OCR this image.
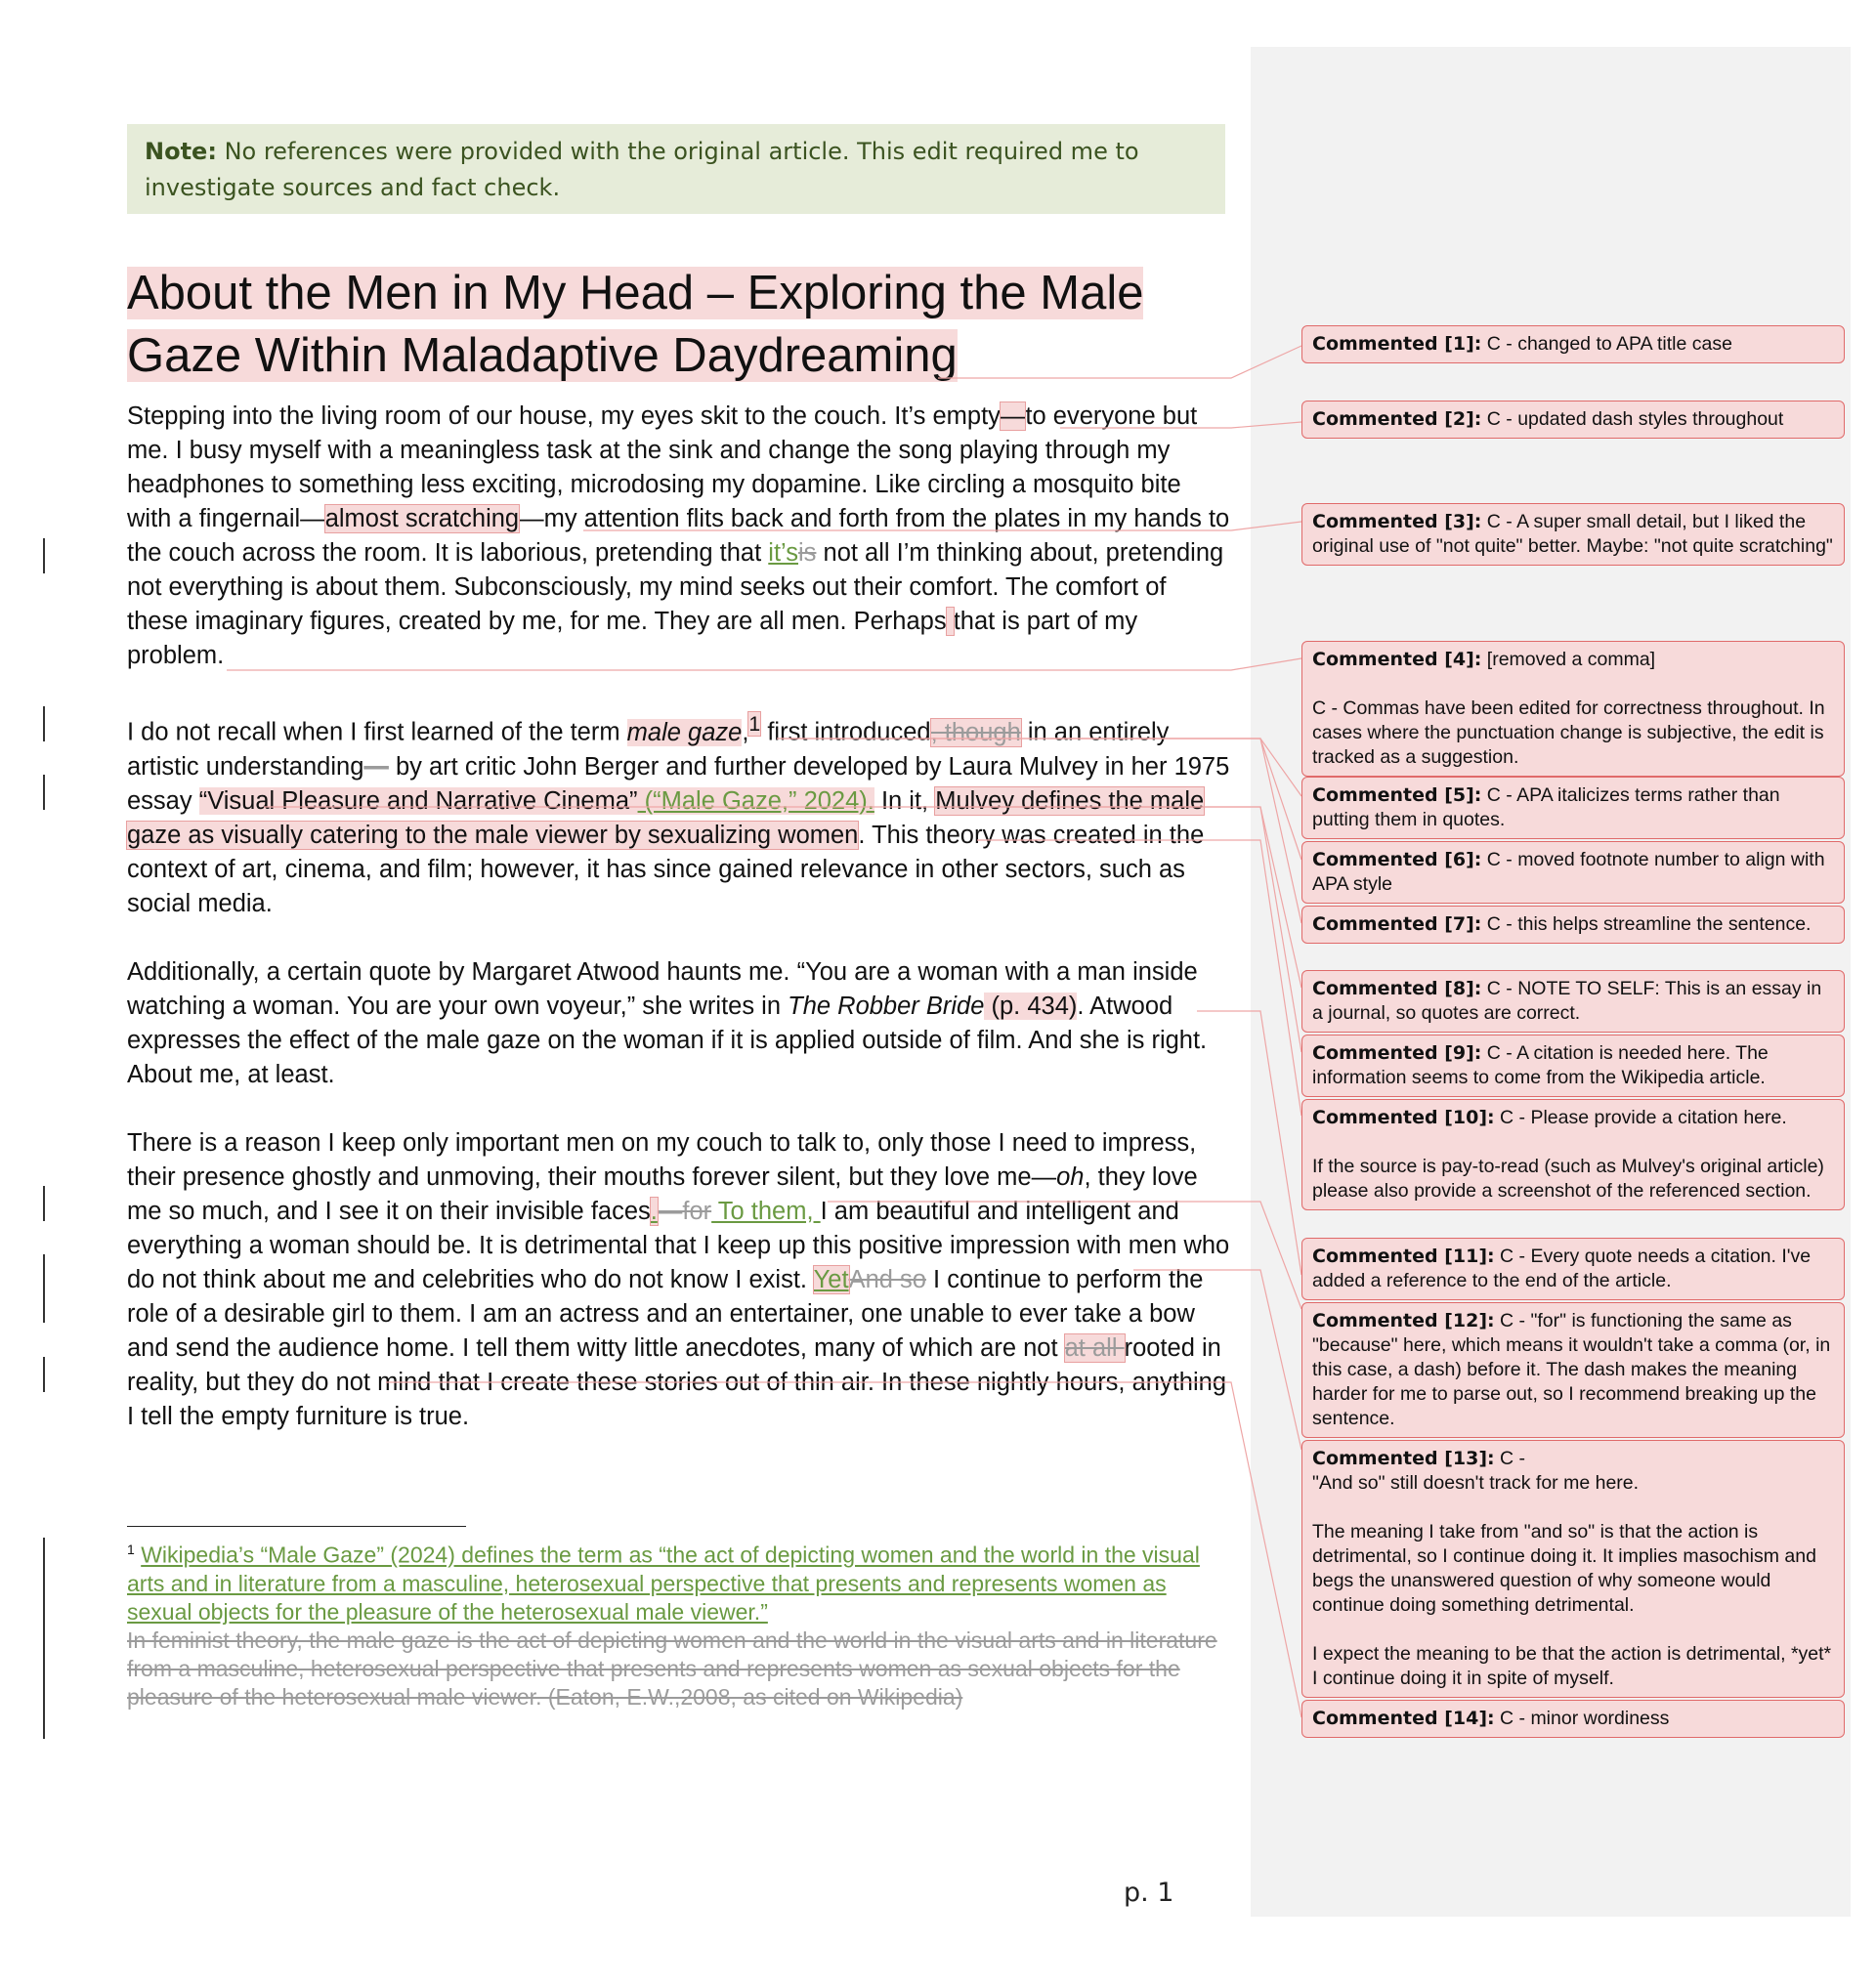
Note: No references were provided with the original article. This edit required me to investigate sources and fact check.
About the Men in My Head – Exploring the Male
Gaze Within Maladaptive Daydreaming

Stepping into the living room of our house, my eyes skit to the couch. It’s empty—to everyone but me. I busy myself with a meaningless task at the sink and change the song playing through my headphones to something less exciting, microdosing my dopamine. Like circling a mosquito bite with a fingernail—almost scratching—my attention flits back and forth from the plates in my hands to the couch across the room. It is laborious, pretending that it’sis not all I’m thinking about, pretending not everything is about them. Subconsciously, my mind seeks out their comfort. The comfort of these imaginary figures, created by me, for me. They are all men. Perhaps that is part of my problem.

I do not recall when I first learned of the term male gaze,$^1$ first introduced, though in an entirely artistic understanding— by art critic John Berger and further developed by Laura Mulvey in her 1975 essay “Visual Pleasure and Narrative Cinema” (“Male Gaze,” 2024). In it, Mulvey defines the male gaze as visually catering to the male viewer by sexualizing women. This theory was created in the context of art, cinema, and film; however, it has since gained relevance in other sectors, such as social media.

Additionally, a certain quote by Margaret Atwood haunts me. “You are a woman with a man inside watching a woman. You are your own voyeur,” she writes in The Robber Bride (p. 434). Atwood expresses the effect of the male gaze on the woman if it is applied outside of film. And she is right. About me, at least.

There is a reason I keep only important men on my couch to talk to, only those I need to impress, their presence ghostly and unmoving, their mouths forever silent, but they love me—oh, they love me so much, and I see it on their invisible faces.—for To them, I am beautiful and intelligent and everything a woman should be. It is detrimental that I keep up this positive impression with men who do not think about me and celebrities who do not know I exist. YetAnd so I continue to perform the role of a desirable girl to them. I am an actress and an entertainer, one unable to ever take a bow and send the audience home. I tell them witty little anecdotes, many of which are not at all rooted in reality, but they do not mind that I create these stories out of thin air. In these nightly hours, anything I tell the empty furniture is true.

$^1$ Wikipedia’s “Male Gaze” (2024) defines the term as “the act of depicting women and the world in the visual arts and in literature from a masculine, heterosexual perspective that presents and represents women as sexual objects for the pleasure of the heterosexual male viewer.”
In feminist theory, the male gaze is the act of depicting women and the world in the visual arts and in literature from a masculine, heterosexual perspective that presents and represents women as sexual objects for the pleasure of the heterosexual male viewer. (Eaton, E.W.,2008, as cited on Wikipedia)
p. 1
Commented [1]: C - changed to APA title case
Commented [2]: C - updated dash styles throughout
Commented [3]: C - A super small detail, but I liked the original use of "not quite" better. Maybe: "not quite scratching"
Commented [4]: [removed a comma]

C - Commas have been edited for correctness throughout. In cases where the punctuation change is subjective, the edit is tracked as a suggestion.
Commented [5]: C - APA italicizes terms rather than putting them in quotes.
Commented [6]: C - moved footnote number to align with APA style
Commented [7]: C - this helps streamline the sentence.
Commented [8]: C - NOTE TO SELF: This is an essay in a journal, so quotes are correct.
Commented [9]: C - A citation is needed here. The information seems to come from the Wikipedia article.
Commented [10]: C - Please provide a citation here.

If the source is pay-to-read (such as Mulvey's original article) please also provide a screenshot of the referenced section.
Commented [11]: C - Every quote needs a citation. I've added a reference to the end of the article.
Commented [12]: C - "for" is functioning the same as "because" here, which means it wouldn't take a comma (or, in this case, a dash) before it. The dash makes the meaning harder for me to parse out, so I recommend breaking up the sentence.
Commented [13]: C -
"And so" still doesn't track for me here.

The meaning I take from "and so" is that the action is detrimental, so I continue doing it. It implies masochism and begs the unanswered question of why someone would continue doing something detrimental.

I expect the meaning to be that the action is detrimental, *yet* I continue doing it in spite of myself.
Commented [14]: C - minor wordiness
